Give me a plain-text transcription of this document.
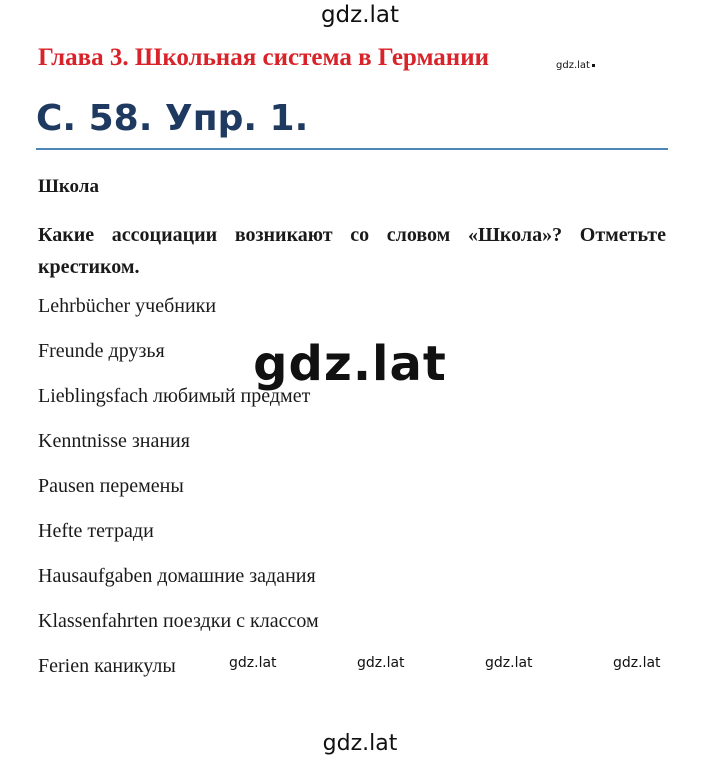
gdz.lat
Глава 3. Школьная система в Германии	gdz.lat
С. 58. Упр. 1.
Школа
Какие ассоциации возникают со словом «Школа»? Отметьте крестиком.
Lehrbücher учебники
Freunde друзья
Lieblingsfach любимый предмет
Kenntnisse знания
Pausen перемены
Hefte тетради
Hausaufgaben домашние задания
Klassenfahrten поездки с классом
Ferien каникулы
gdz.lat
gdz.lat	gdz.lat	gdz.lat	gdz.lat
gdz.lat
